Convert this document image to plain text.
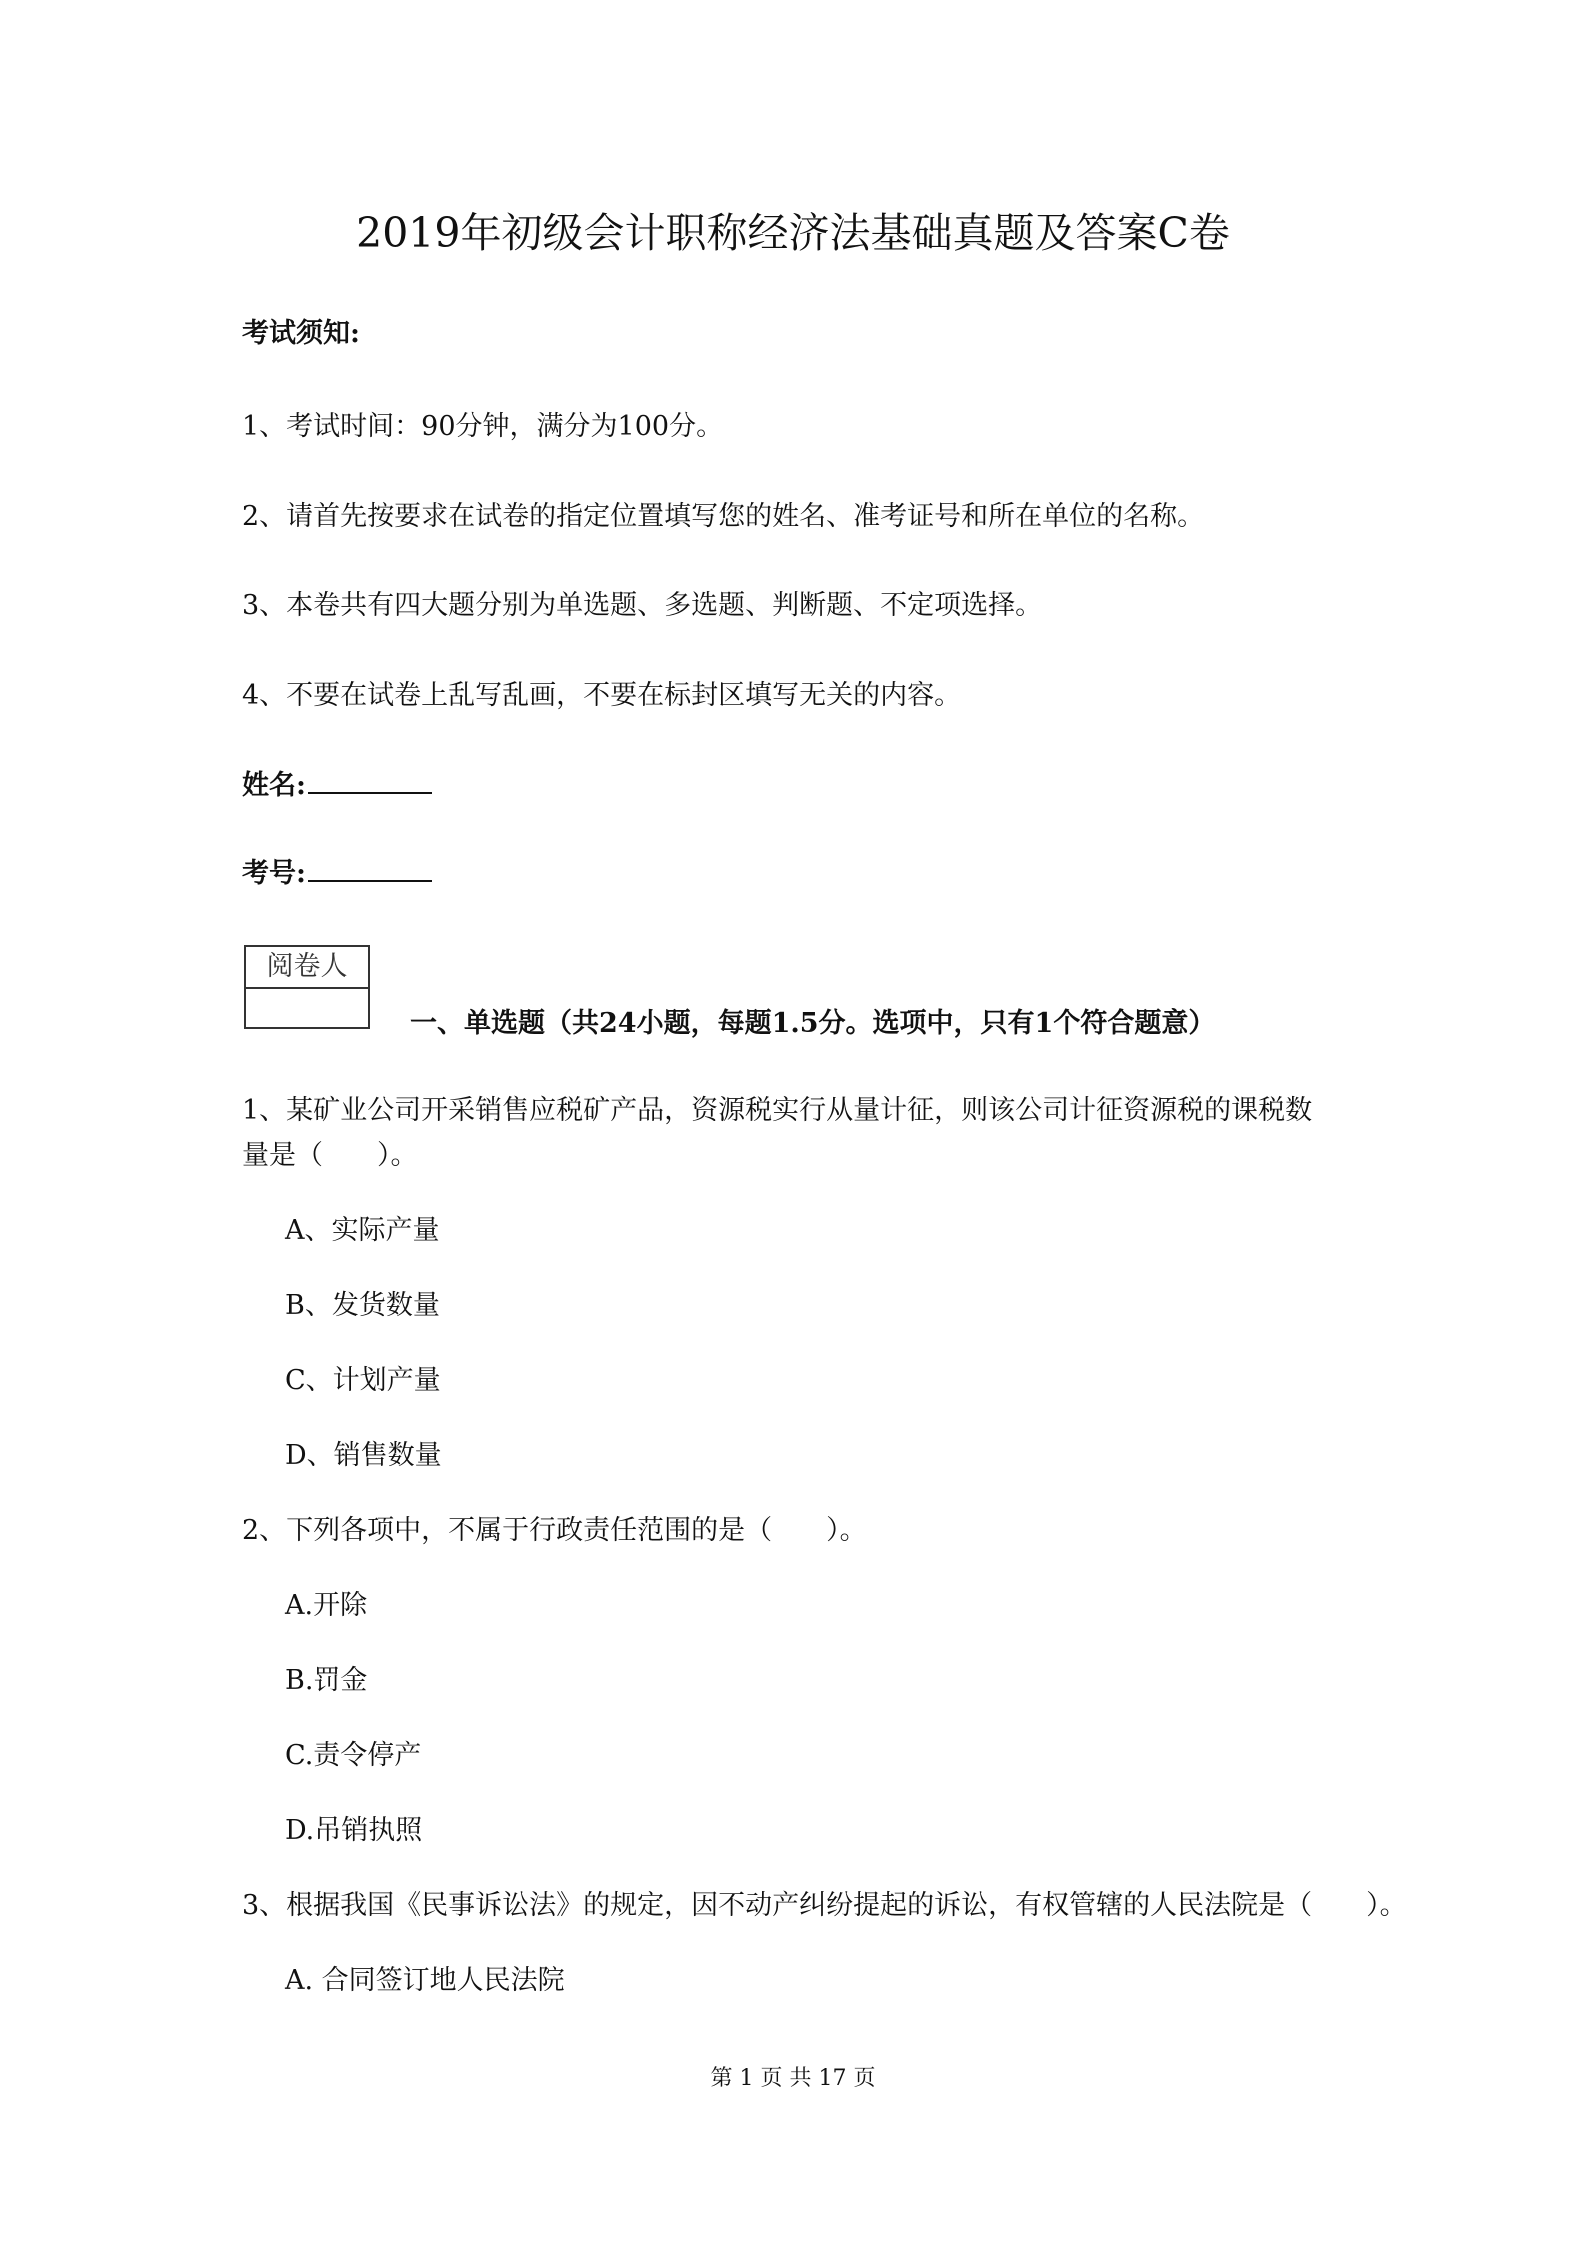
2019年初级会计职称经济法基础真题及答案C卷
考试须知:
1、考试时间：90分钟，满分为100分。
2、请首先按要求在试卷的指定位置填写您的姓名、准考证号和所在单位的名称。
3、本卷共有四大题分别为单选题、多选题、判断题、不定项选择。
4、不要在试卷上乱写乱画，不要在标封区填写无关的内容。
姓名:
考号:
阅卷人
一、单选题（共24小题，每题1.5分。选项中，只有1个符合题意）
1、某矿业公司开采销售应税矿产品，资源税实行从量计征，则该公司计征资源税的课税数
量是（　　）。
A、实际产量
B、发货数量
C、计划产量
D、销售数量
2、下列各项中，不属于行政责任范围的是（　　）。
A.开除
B.罚金
C.责令停产
D.吊销执照
3、根据我国《民事诉讼法》的规定，因不动产纠纷提起的诉讼，有权管辖的人民法院是（　　）。
A. 合同签订地人民法院
第 1 页 共 17 页
